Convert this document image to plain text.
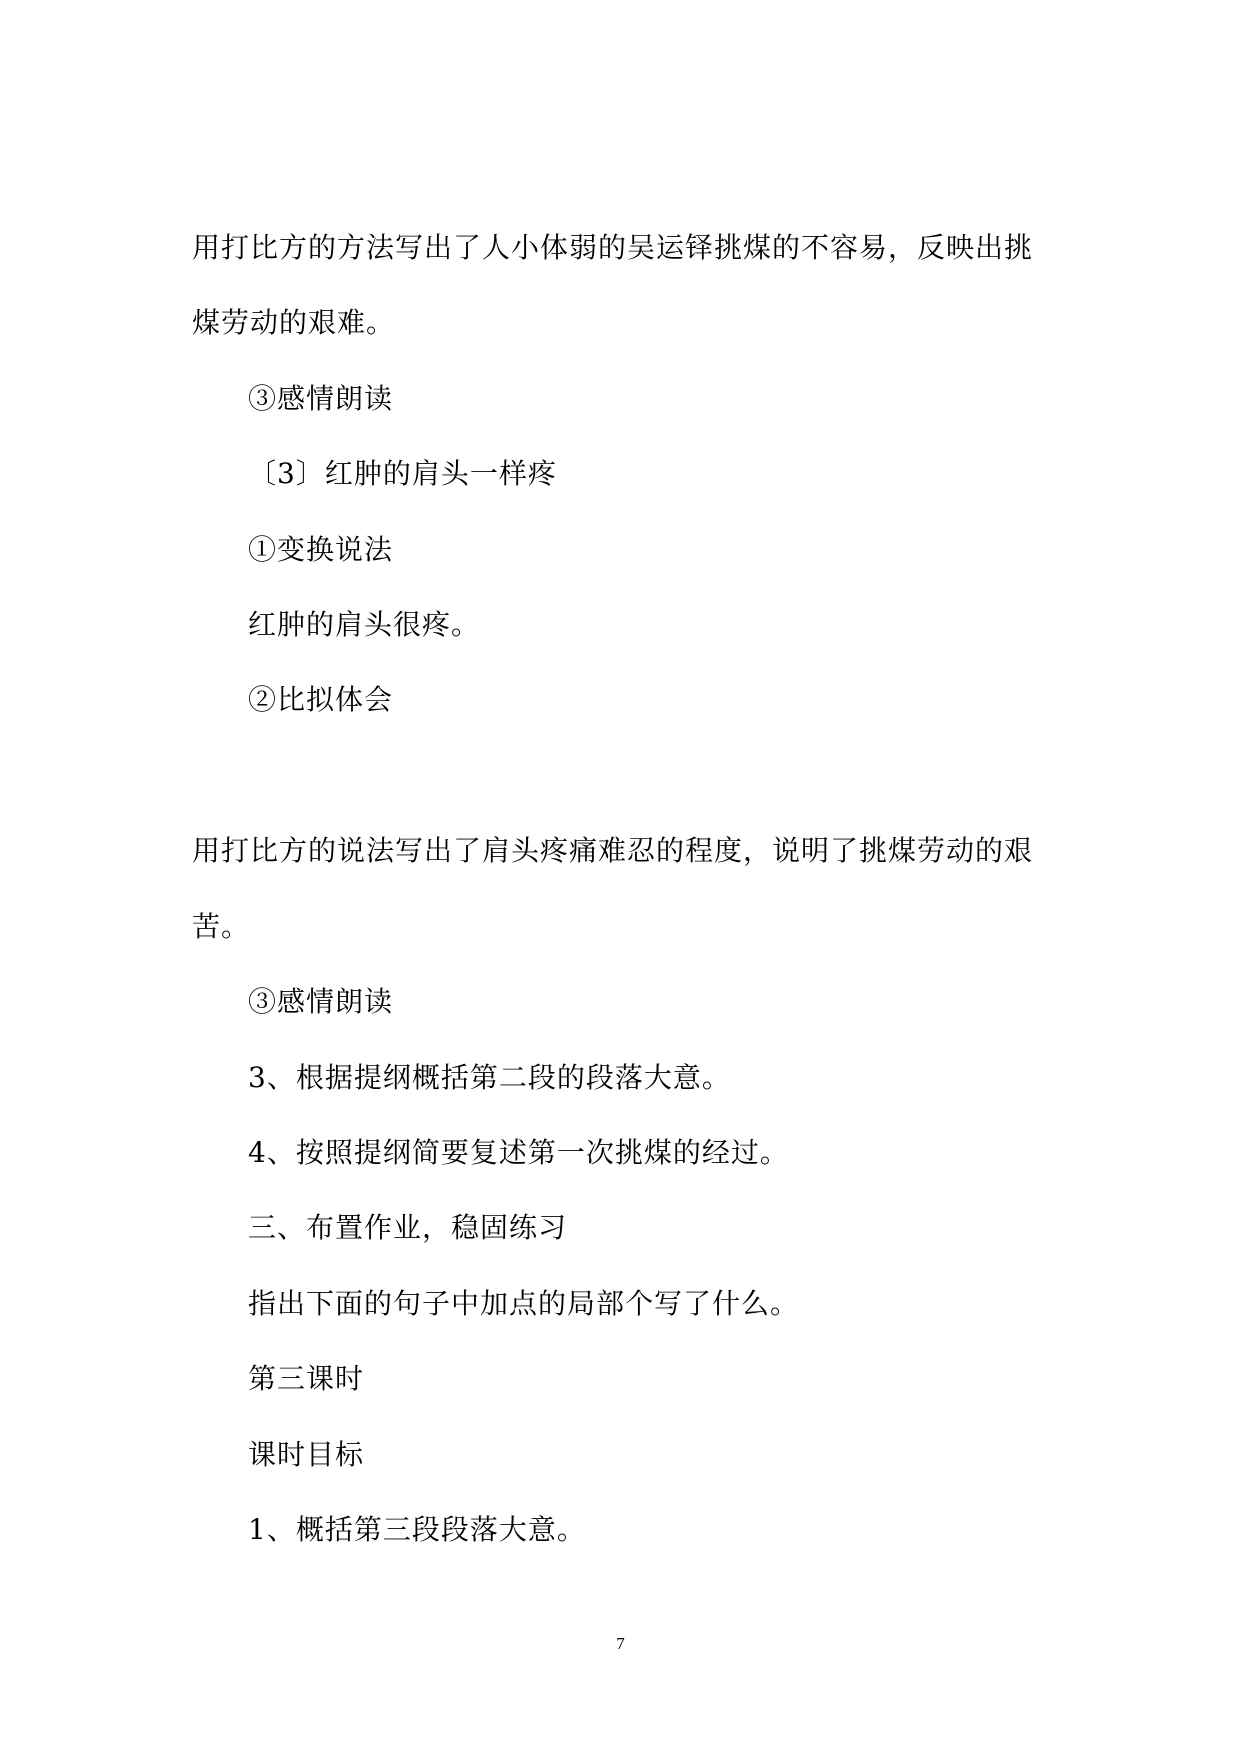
用打比方的方法写出了人小体弱的吴运铎挑煤的不容易，反映出挑
煤劳动的艰难。
③感情朗读
〔3〕红肿的肩头一样疼
①变换说法
红肿的肩头很疼。
②比拟体会
用打比方的说法写出了肩头疼痛难忍的程度，说明了挑煤劳动的艰
苦。
③感情朗读
3、根据提纲概括第二段的段落大意。
4、按照提纲简要复述第一次挑煤的经过。
三、布置作业，稳固练习
指出下面的句子中加点的局部个写了什么。
第三课时
课时目标
1、概括第三段段落大意。
7
